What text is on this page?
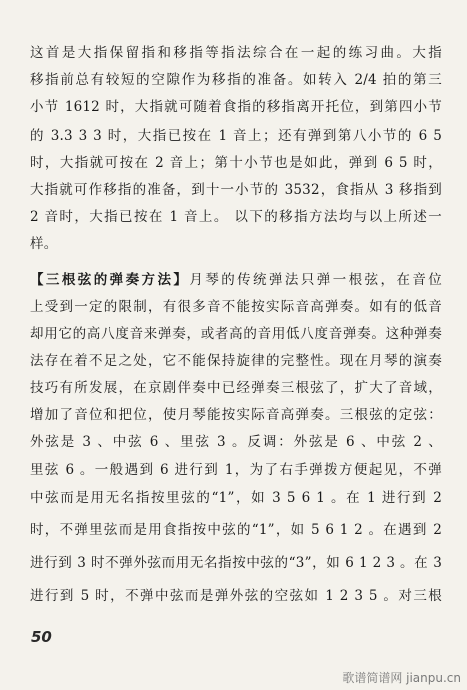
这首是大指保留指和移指等指法综合在一起的练习曲。大指
移指前总有较短的空隙作为移指的准备。如转入 2/4 拍的第三
小节 1612 时，大指就可随着食指的移指离开托位，到第四小节
的 3.3 3 3 时，大指已按在 1 音上；还有弹到第八小节的 6 5
时，大指就可按在 2 音上；第十小节也是如此，弹到 6 5 时，
大指就可作移指的准备，到十一小节的 3532，食指从 3 移指到
2 音时，大指已按在 1 音上。 以下的移指方法均与以上所述一
样。
【三根弦的弹奏方法】月琴的传统弹法只弹一根弦，在音位
上受到一定的限制，有很多音不能按实际音高弹奏。如有的低音
却用它的高八度音来弹奏，或者高的音用低八度音弹奏。这种弹奏
法存在着不足之处，它不能保持旋律的完整性。现在月琴的演奏
技巧有所发展，在京剧伴奏中已经弹奏三根弦了，扩大了音域，
增加了音位和把位，使月琴能按实际音高弹奏。三根弦的定弦：
外弦是 3 、中弦 6 、里弦 3 。反调：外弦是 6 、中弦 2 、
里弦 6 。一般遇到 6 进行到 1，为了右手弹拨方便起见，不弹
中弦而是用无名指按里弦的“1”，如 3 5 6 1 。在 1 进行到 2
时，不弹里弦而是用食指按中弦的“1”，如 5 6 1 2 。在遇到 2
进行到 3 时不弹外弦而用无名指按中弦的“3”，如 6 1 2 3 。在 3
进行到 5 时，不弹中弦而是弹外弦的空弦如 1 2 3 5 。对三根
50
歌谱简谱网 jianpu.cn
